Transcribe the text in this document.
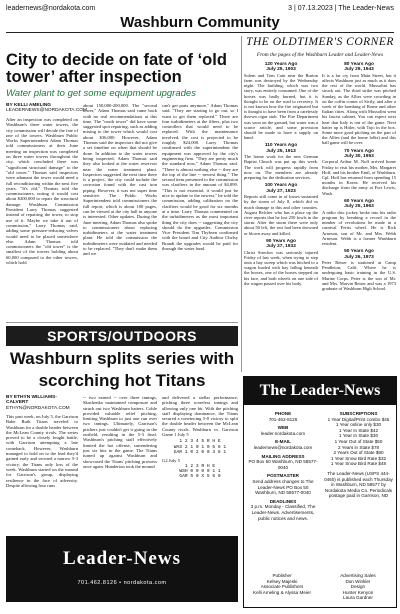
leadernews@nordakota.com	3 | 07.13.2023 | The Leader-News
Washburn Community
City to decide on fate of ‘old tower’ after inspection
Water plant to get some equipment upgrades
BY KELLI AMELING
LEADERNEWS@NORDAKOTA.COM
After an inspection was completed on Washburn's three water towers, the city commission will decide the fate of one of the towers. Washburn Public Works Superintendent Adam Thomas told commissioners at their June meeting an inspection was completed on three water towers throughout the city, which concluded there was "significant structural damage" to the "old tower." Thomas said inspectors were adamant the tower would need a full reconditioning within the next five years. "It's old," Thomas told the commissioners, noting it would cost about $200,000 to repair the structural damage. Washburn Commission President Larry Thomas suggested instead of repairing the tower, to stop use of it. Maybe we take it out of commission," Larry Thomas said, adding some pressure-reducing valves would need to be placed somewhere else. Adam Thomas told commissioners the "old tower" is the smallest of the towers holding about 60,000 compared to the other towers, which hold
about 150,000-200,000. The "second tower," Adam Thomas said came back with no real recommendations at this time. The "north tower" did have some suggested spot repairing, such as adding mixing to the tower which would cost about $36,000. However, Adam Thomas said the inspectors did not give a set timeline on when that should be done. In addition to the water towers being inspected, Adam Thomas said they also looked at the water reservoir near the water treatment plant. Inspectors suggested the next time there is a project, the city could include the corrosion found with the cast iron piping. However, it was not super time sensitive. The Public Works Superintendent told commissioners the full report, which is about 100 pages, can be viewed at the city hall in anyone is interested. Other updates. During the June meeting, Adam Thomas also spoke to commissioners about replacing turbidimeters at the water treatment plant. He told the commission the turbidimeters were outdated and needed to be replaced. "They don't make them and we
can't get parts anymore," Adam Thomas said. "They are starting to go out, so I want to get them replaced." There are four turbidimeters at the filters, plus two controllers that would need to be replaced. With the maintenance involved, the cost is projected to be roughly $24,000. Larry Thomas confirmed with the superintendent the equipment was approved by the city's engineering firm. "They are pretty much the standard now," Adam Thomas said. "There is almost nothing else -- they are the top of the line -- newest thing." The second item presented to the commission was clarifiers in the amount of $4,899. "This is not essential, it would just be nice to update to the newest," he told the commission, adding calibration on the clarifiers would be good for six months at a time. Larry Thomas commented on the turbidimeters as the most important thing the city does -- suggesting the city should do the upgrades. Commission Vice President Tim Thybsen confirmed with the board and City Auditor Chelsy Brandt the upgrades would be paid for through the water fund.
THE OLDTIMER'S CORNER
From the pages of the Washburn Leader and Leader-News

120 Years Ago
July 25, 1903
Solem and Tom Cain near the Burton farm was destroyed by the Wednesday night. The building, which was two story, was entirely consumed. One of the horses was badly burned, but it is thought to be on the road to recovery. It is not known how the fire originated but is thought to have been from a carelessly thrown cigar stub. The Fire Department was soon on the ground, but water was a scarce article, and some provision should be made to have a supply on hand.

110 Years Ago
July 25, 1913
The frame work for the new German Baptist Church was put up this week. The work will progress rapidly from now on. The members are already preparing for the dedication services.

100 Years Ago
July 27, 1923
Reports still come in of losses sustained by the storm of July 8, which did so much damage to this and other counties. August Belcher who has a place up the river reports that he lost 250 fowls in the storm. After the storm there were only about 50 left, the rest had been drowned or blown away and killed.

90 Years Ago
July 27, 1933
Christ Strecker was seriously injured Friday of last week, when trying to step onto a hay sweep which was hitched to a wagon loaded with hay falling beneath the horses, one of the horses stepped on his face, and both wheels on one side of the wagon passed over his body.

80 Years Ago
July 29, 1943
It is a far cry from Main Street, but it affects Washburn just as much as it does the rest of the world. Mussolini has struck out. The third strike was pitched Sunday, as the Allies were crowding in on the coffin corner of Sicily, and after a week of the bombing of Rome and other Italian cities. Along with Mussolini went his fascist cabinet. You can expect next hear that Italy is out of the game. Next batter up is Hitler, with Tojo in the box. Some more good pitching on the part of the Allies (and the home folks) and this ball game will be over.

70 Years Ago
July 30, 1953
Corporal Arthur M. Noff arrived home Friday to visit his mother, Mrs. Margaret Hoff, and his brother Emil, of Washburn. Cpl. Hoff has returned from spending 15 months in Korea. He received his discharge from the army at Fort Lewis, Wash.

60 Years Ago
July 25, 1963
A radio disc jockey broke into his radio program by breaking a record in the number of revolutions he made in a carnival Ferris wheel. He is Rick Arneson, son of Mr. and Mrs. Webb Arneson. Webb is a former Washburn resident.

50 Years Ago
July 26, 1973
Peter Reiser is stationed at Camp Pendleton, Calif. Where he is undergoing basic training in the U.S. Marine Corps. Peter is the son of Mr. and Mrs. Marvin Reiser and was a 1973 graduate of Washburn High School.

SPORTS/OUTDOORS
Washburn splits series with scorching hot Titans
BY ETHYN WILLIAMS-CALVERT
ETHYN@NORDAKOTA.COM
This past week, on July 5, the Garrison Babe Ruth Titans traveled to Washburn for a double header between the McLean County rivals. The series proved to be a closely fought battle, with Garrison attempting a late comeback. However, Washburn managed to hold on to the lead they'd gained early and secured a narrow 5-3 victory, the Titans only loss of the week. Washburn started on the mound for Garrison's group, displaying resilience in the face of adversity. Despite allowing four runs
-- two earned -- over three innings, Skachenko maintained composure and struck out two Washburn batters. Coble provided valuable relief pitching, limiting Washburn to just one run over two innings. Ultimately, Garrison's pitchers just couldn't get it going in the outfield, resulting in the 5-3 final. Washburn's pitching staff effectively limited the hot offense, surrendering just six hits in the game. The Titans turned up against Washburn and showcased the Titans' pitching prowess once again. Hunderton took the mound
and delivered a stellar performance, pitching three scoreless innings and allowing only one hit. With the pitching staff displaying dominance, the Titans secured a convincing 5-0 victory to split the double header between the McLean County rivals. Washburn vs. Garrison Game 1 July 5
1 2 3 4 5 R H E
WAS 2 1 0 1 0 5 6 1
GAR 1 0 2 0 0 3 6 1
G2 July 5
1 2 3 R H E
WSH 0 0 0 0 1 1
GAR 5 0 X 5 6 0
Leader-News
701.462.8126 • nordakota.com
The Leader-News
PHONE
701-462-8126
WEB
leader.nordakota.com
E-MAIL
leadernews@nordakota.com
MAILING ADDRESS
PO Box 50 Washburn, ND 58577-0040
POSTMASTER
Send address changes to The Leader-News PO Box 50 Washburn, ND 58577-0040
DEADLINES
3 p.m. Monday - Classified, The Leader-News. Advertisements, public notices and news.
SUBSCRIPTIONS
1 Year Digital/Print combo $45
1 Year online only $30
1 Year In State $42
1 Year In State $30
1 Year Out of State $50
2 Years in State $78
2 Years Out of State $90
1 Year Snow Bird Rate $32
1 Year Snow Bird Rate $48
The Leader-News (USPS 444-0460) is published each Thursday in Washburn, ND 58577 by Nordakota Media Co. Periodicals postage paid in Garrison, ND
Publisher
Kelsey Majeski
Associate Publishers
Kelli Ameling & Alyssa Meier
Advertising Sales
Don Winkler
Design
Hunter Kenyon
Laura Gardner
